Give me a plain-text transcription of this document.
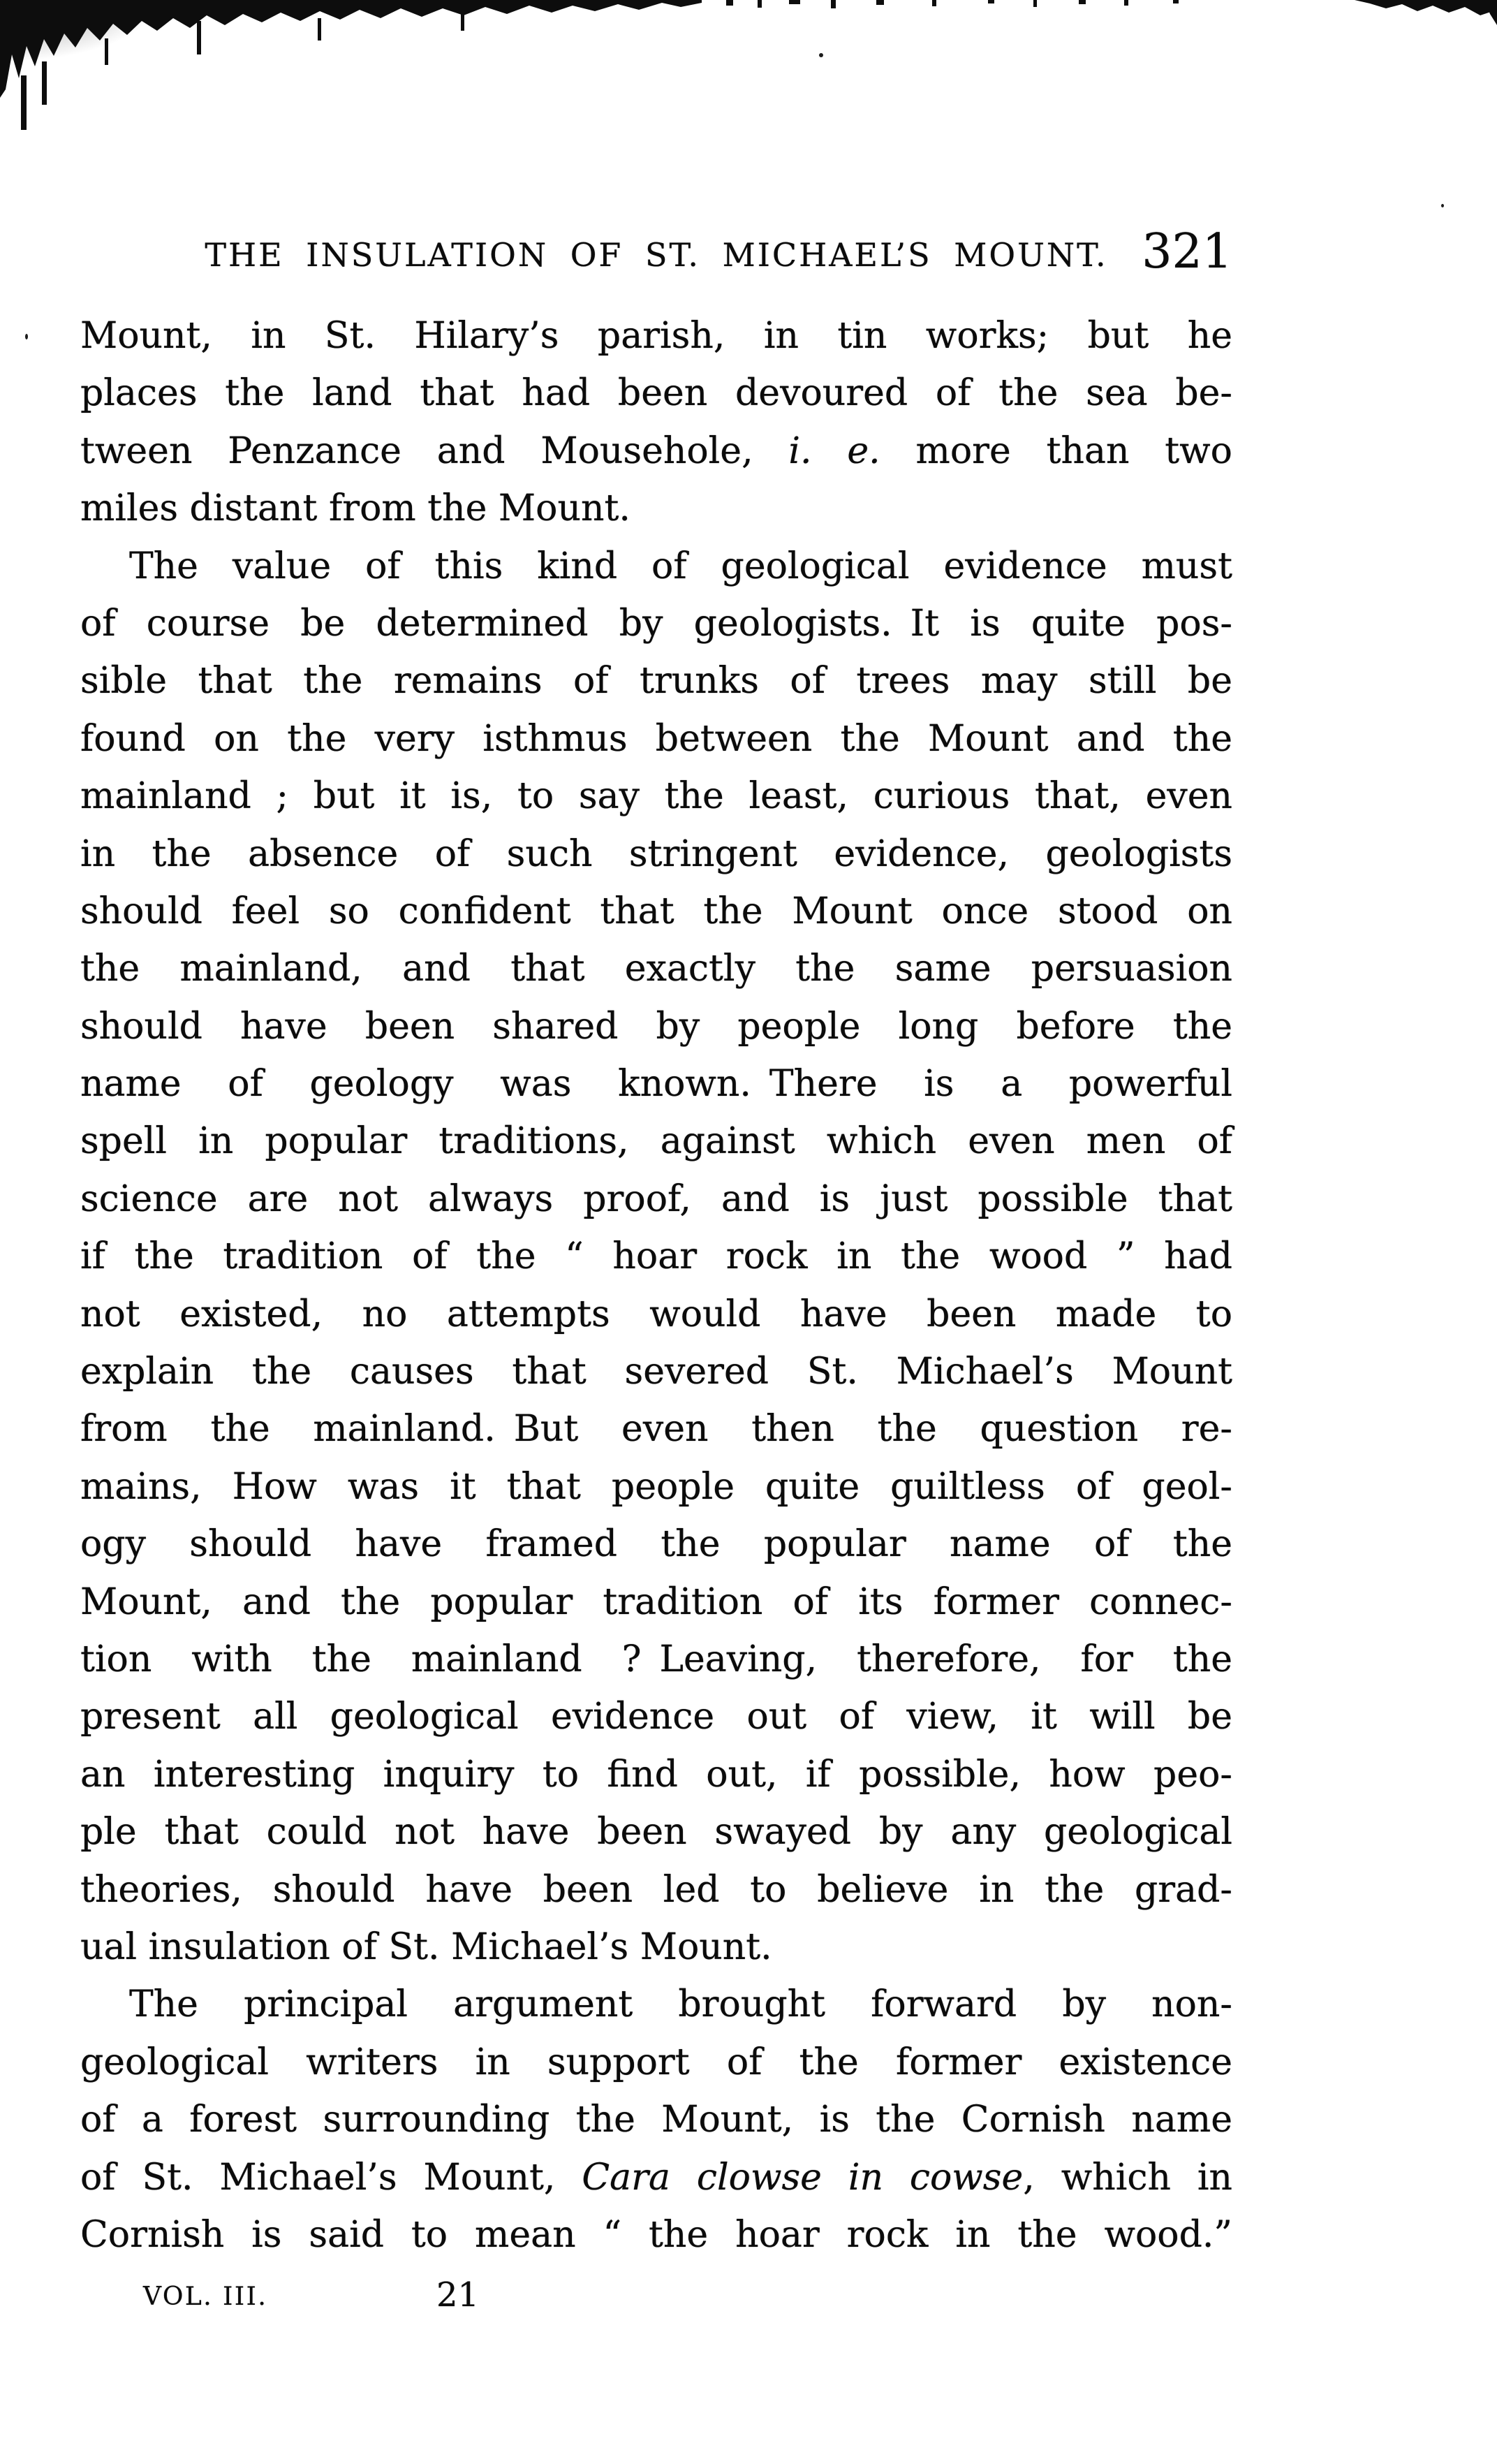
THE INSULATION OF ST. MICHAEL’S MOUNT. 321
Mount, in St. Hilary’s parish, in tin works; but he
places the land that had been devoured of the sea be-
tween Penzance and Mousehole, i. e. more than two
miles distant from the Mount.
The value of this kind of geological evidence must
of course be determined by geologists. It is quite pos-
sible that the remains of trunks of trees may still be
found on the very isthmus between the Mount and the
mainland ; but it is, to say the least, curious that, even
in the absence of such stringent evidence, geologists
should feel so confident that the Mount once stood on
the mainland, and that exactly the same persuasion
should have been shared by people long before the
name of geology was known. There is a powerful
spell in popular traditions, against which even men of
science are not always proof, and is just possible that
if the tradition of the “ hoar rock in the wood ” had
not existed, no attempts would have been made to
explain the causes that severed St. Michael’s Mount
from the mainland. But even then the question re-
mains, How was it that people quite guiltless of geol-
ogy should have framed the popular name of the
Mount, and the popular tradition of its former connec-
tion with the mainland ? Leaving, therefore, for the
present all geological evidence out of view, it will be
an interesting inquiry to find out, if possible, how peo-
ple that could not have been swayed by any geological
theories, should have been led to believe in the grad-
ual insulation of St. Michael’s Mount.
The principal argument brought forward by non-
geological writers in support of the former existence
of a forest surrounding the Mount, is the Cornish name
of St. Michael’s Mount, Cara clowse in cowse, which in
Cornish is said to mean “ the hoar rock in the wood.”
VOL. III.	21
